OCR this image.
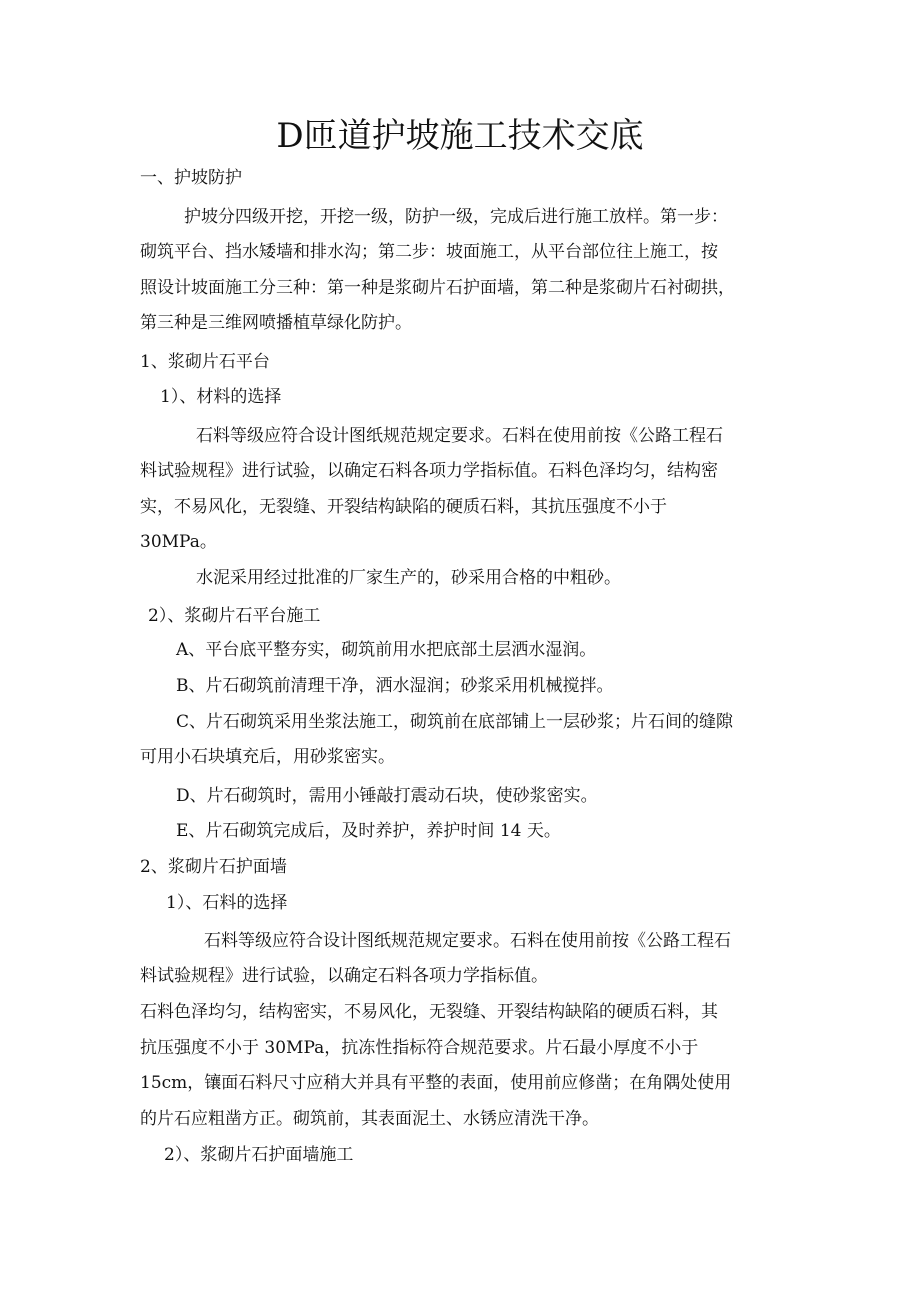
D匝道护坡施工技术交底
一、护坡防护
护坡分四级开挖，开挖一级，防护一级，完成后进行施工放样。第一步：
砌筑平台、挡水矮墙和排水沟；第二步：坡面施工，从平台部位往上施工，按
照设计坡面施工分三种：第一种是浆砌片石护面墙，第二种是浆砌片石衬砌拱，
第三种是三维网喷播植草绿化防护。
1、浆砌片石平台
1）、材料的选择
石料等级应符合设计图纸规范规定要求。石料在使用前按《公路工程石
料试验规程》进行试验，以确定石料各项力学指标值。石料色泽均匀，结构密
实，不易风化，无裂缝、开裂结构缺陷的硬质石料，其抗压强度不小于
30MPa。
水泥采用经过批准的厂家生产的，砂采用合格的中粗砂。
2）、浆砌片石平台施工
A、平台底平整夯实，砌筑前用水把底部土层洒水湿润。
B、片石砌筑前清理干净，洒水湿润；砂浆采用机械搅拌。
C、片石砌筑采用坐浆法施工，砌筑前在底部铺上一层砂浆；片石间的缝隙
可用小石块填充后，用砂浆密实。
D、片石砌筑时，需用小锤敲打震动石块，使砂浆密实。
E、片石砌筑完成后，及时养护，养护时间 14 天。
2、浆砌片石护面墙
1）、石料的选择
石料等级应符合设计图纸规范规定要求。石料在使用前按《公路工程石
料试验规程》进行试验，以确定石料各项力学指标值。
石料色泽均匀，结构密实，不易风化，无裂缝、开裂结构缺陷的硬质石料，其
抗压强度不小于 30MPa，抗冻性指标符合规范要求。片石最小厚度不小于
15cm，镶面石料尺寸应稍大并具有平整的表面，使用前应修凿；在角隅处使用
的片石应粗凿方正。砌筑前，其表面泥土、水锈应清洗干净。
2）、浆砌片石护面墙施工
